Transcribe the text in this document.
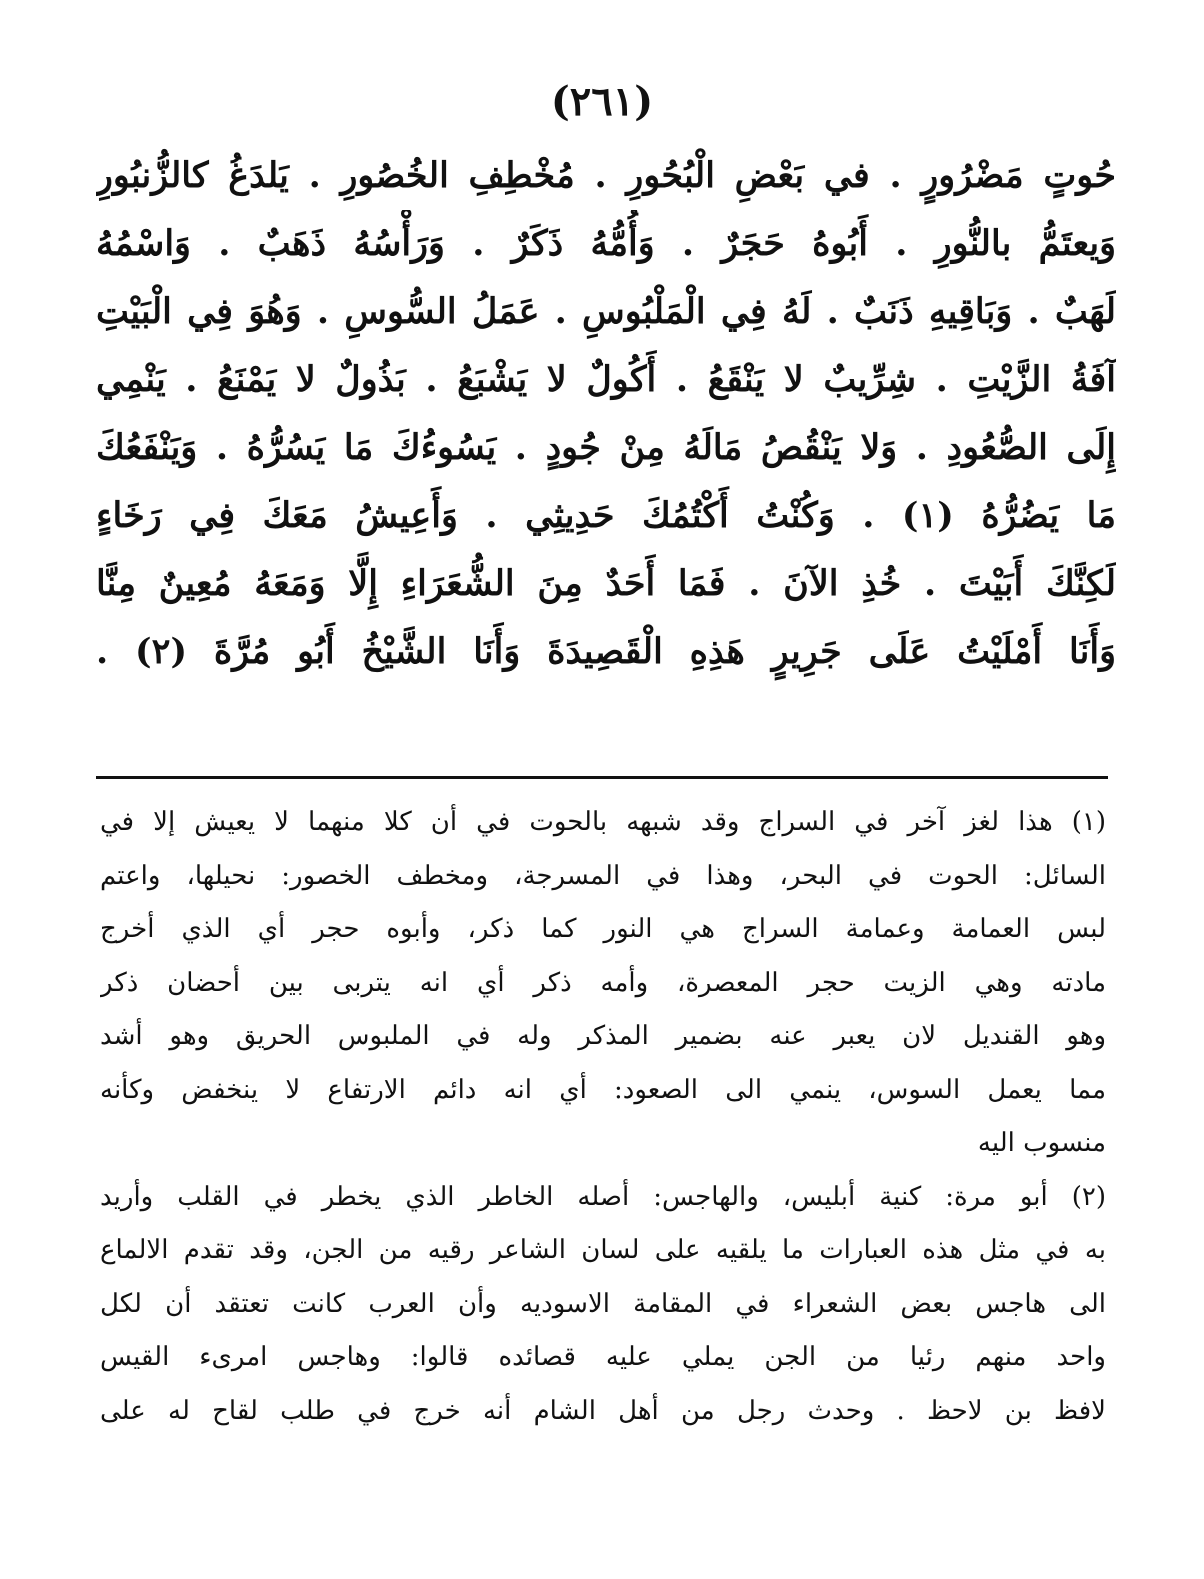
(٢٦١)
حُوتٍ مَضْرُورٍ . في بَعْضِ الْبُحُورِ . مُخْطِفِ الخُصُورِ . يَلدَغُ كالزُّنبُورِ
وَيعتَمُّ بالنُّورِ . أَبُوهُ حَجَرٌ . وَأُمُّهُ ذَكَرٌ . وَرَأْسُهُ ذَهَبٌ . وَاسْمُهُ
لَهَبٌ . وَبَاقِيهِ ذَنَبٌ . لَهُ فِي الْمَلْبُوسِ . عَمَلُ السُّوسِ . وَهُوَ فِي الْبَيْتِ
آفَةُ الزَّيْتِ . شِرِّيبٌ لا يَنْقَعُ . أَكُولٌ لا يَشْبَعُ . بَذُولٌ لا يَمْنَعُ . يَنْمِي
إِلَى الصُّعُودِ . وَلا يَنْقُصُ مَالَهُ مِنْ جُودٍ . يَسُوءُكَ مَا يَسُرُّهُ . وَيَنْفَعُكَ
مَا يَضُرُّهُ (١) . وَكُنْتُ أَكْتُمُكَ حَدِيثِي . وَأَعِيشُ مَعَكَ فِي رَخَاءٍ
لَكِنَّكَ أَبَيْتَ . خُذِ الآنَ . فَمَا أَحَدٌ مِنَ الشُّعَرَاءِ إِلَّا وَمَعَهُ مُعِينٌ مِنَّا
وَأَنَا أَمْلَيْتُ عَلَى جَرِيرٍ هَذِهِ الْقَصِيدَةَ وَأَنَا الشَّيْخُ أَبُو مُرَّةَ (٢) .
(١) هذا لغز آخر في السراج وقد شبهه بالحوت في أن كلا منهما لا يعيش إلا في
السائل: الحوت في البحر، وهذا في المسرجة، ومخطف الخصور: نحيلها، واعتم
لبس العمامة وعمامة السراج هي النور كما ذكر، وأبوه حجر أي الذي أخرج
مادته وهي الزيت حجر المعصرة، وأمه ذكر أي انه يتربى بين أحضان ذكر
وهو القنديل لان يعبر عنه بضمير المذكر وله في الملبوس الحريق وهو أشد
مما يعمل السوس، ينمي الى الصعود: أي انه دائم الارتفاع لا ينخفض وكأنه
منسوب اليه
(٢) أبو مرة: كنية أبليس، والهاجس: أصله الخاطر الذي يخطر في القلب وأريد
به في مثل هذه العبارات ما يلقيه على لسان الشاعر رقيه من الجن، وقد تقدم الالماع
الى هاجس بعض الشعراء في المقامة الاسوديه وأن العرب كانت تعتقد أن لكل
واحد منهم رئيا من الجن يملي عليه قصائده قالوا: وهاجس امرىء القيس
لافظ بن لاحظ . وحدث رجل من أهل الشام أنه خرج في طلب لقاح له على
